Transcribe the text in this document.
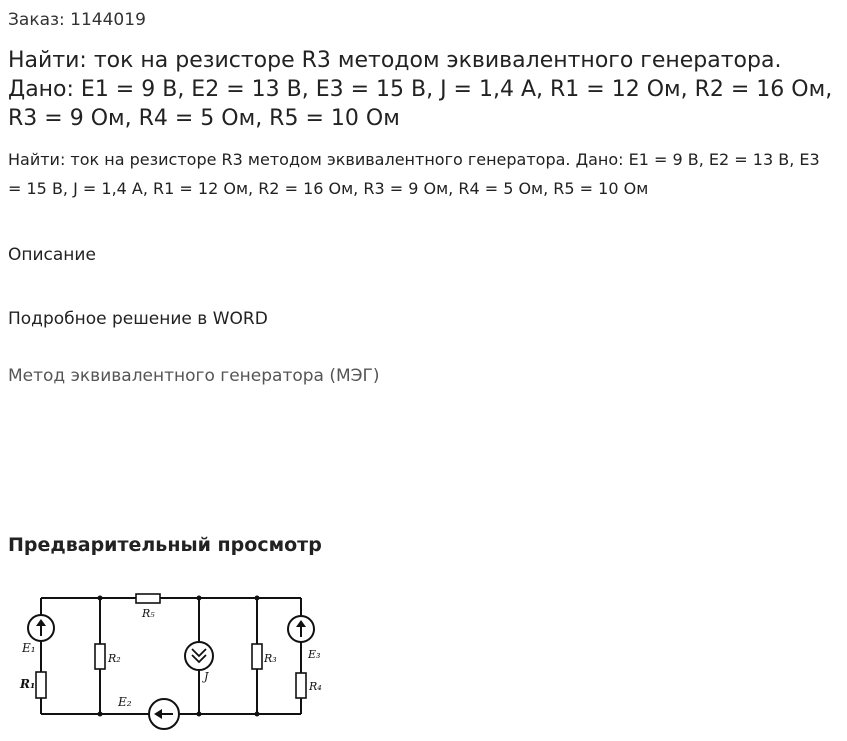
Заказ: 1144019
Найти: ток на резисторе R3 методом эквивалентного генератора. Дано: E1 = 9 В, E2 = 13 В, E3 = 15 В, J = 1,4 А, R1 = 12 Ом, R2 = 16 Ом, R3 = 9 Ом, R4 = 5 Ом, R5 = 10 Ом
Найти: ток на резисторе R3 методом эквивалентного генератора. Дано: E1 = 9 В, E2 = 13 В, E3 = 15 В, J = 1,4 А, R1 = 12 Ом, R2 = 16 Ом, R3 = 9 Ом, R4 = 5 Ом, R5 = 10 Ом
Описание
Подробное решение в WORD
Метод эквивалентного генератора (МЭГ)
Предварительный просмотр
E₁
R₁
R₂
R₅
J
R₃	E₃
R₄
E₂
